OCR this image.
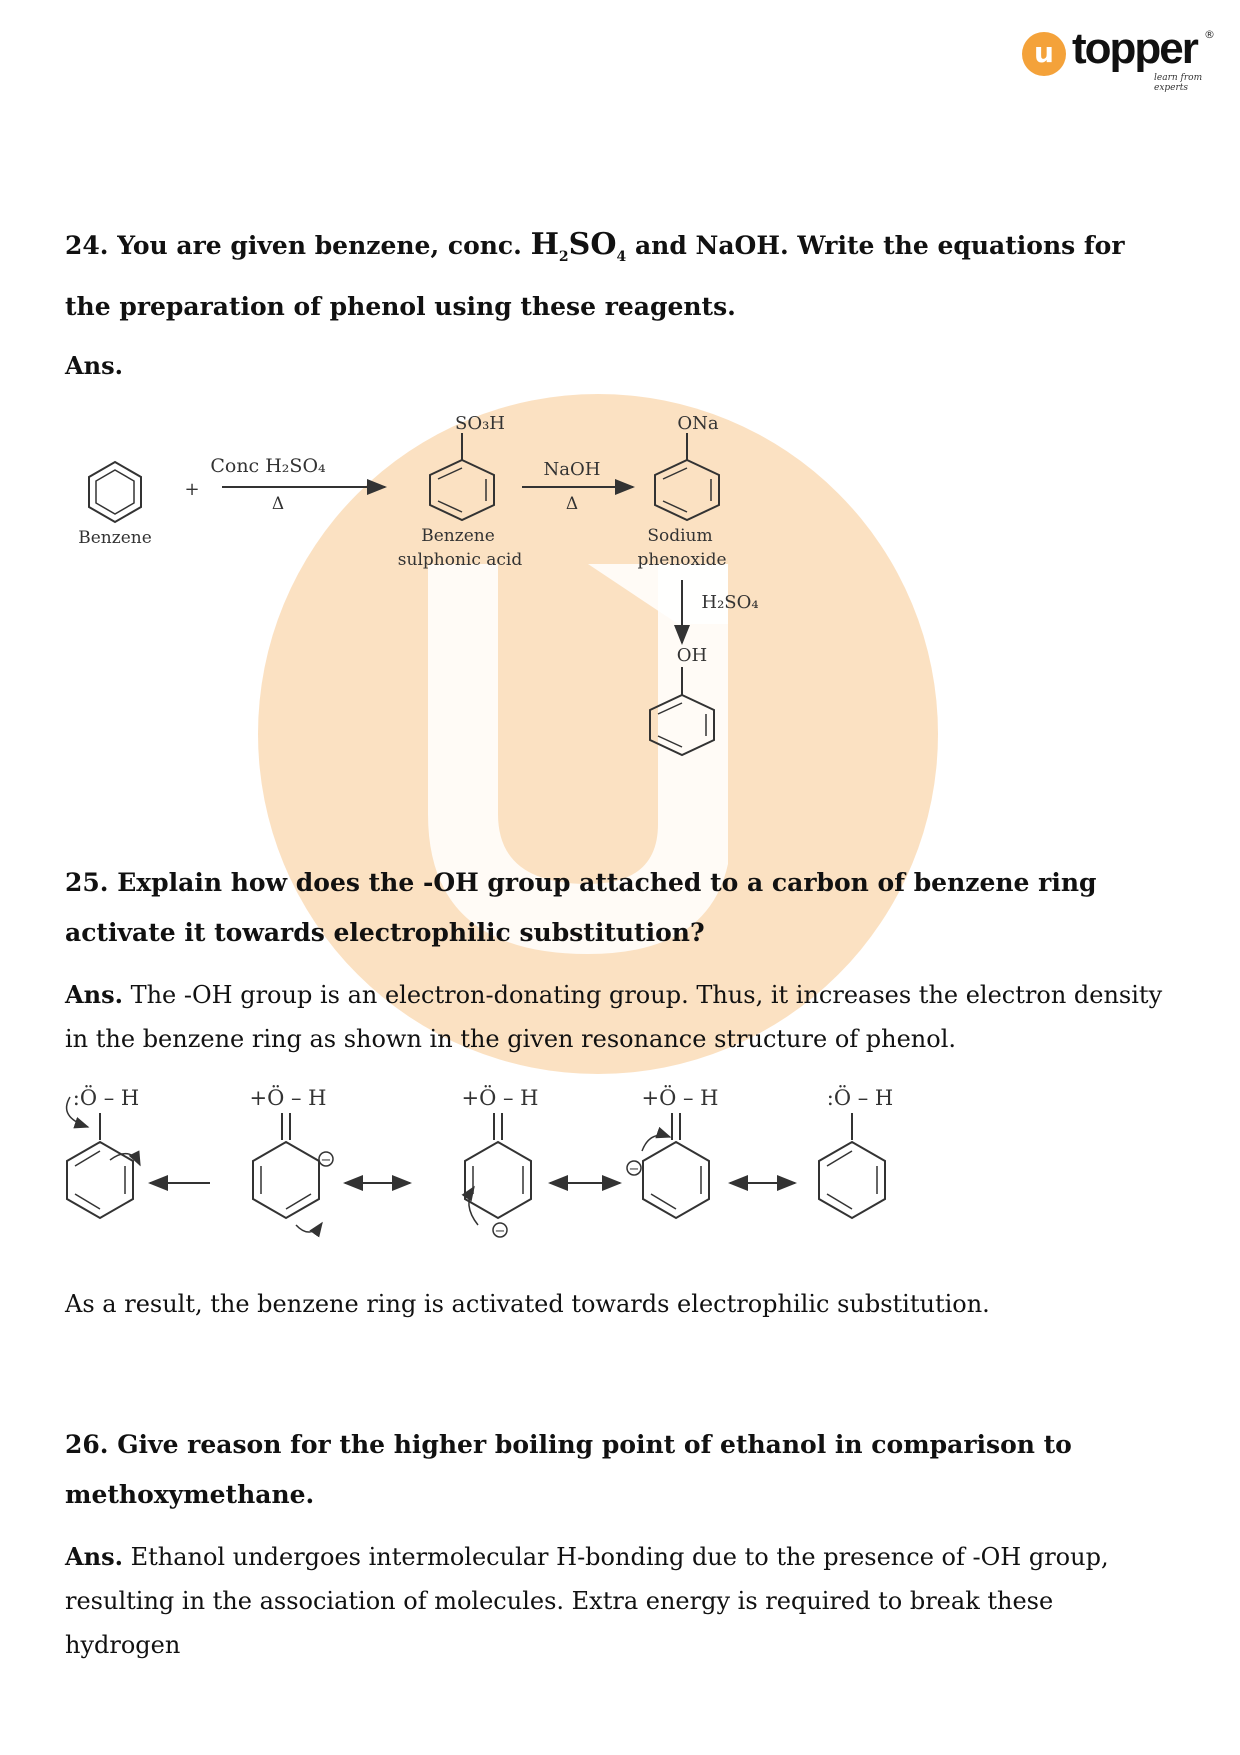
u topper
learn from experts
®
24. You are given benzene, conc. $H_2SO_4$ and NaOH. Write the equations for the preparation of phenol using these reagents.
Ans.
Benzene
+
Conc H₂SO₄
Δ
SO₃H
Benzene
sulphonic acid
NaOH
Δ
ONa
Sodium
phenoxide
H₂SO₄
OH
25. Explain how does the -OH group attached to a carbon of benzene ring activate it towards electrophilic substitution?
Ans. The -OH group is an electron-donating group. Thus, it increases the electron density in the benzene ring as shown in the given resonance structure of phenol.
:Ö – H	+Ö – H
−
+Ö – H
−
+Ö – H
−
:Ö – H
As a result, the benzene ring is activated towards electrophilic substitution.
26. Give reason for the higher boiling point of ethanol in comparison to methoxymethane.
Ans. Ethanol undergoes intermolecular H-bonding due to the presence of -OH group, resulting in the association of molecules. Extra energy is required to break these hydrogen
